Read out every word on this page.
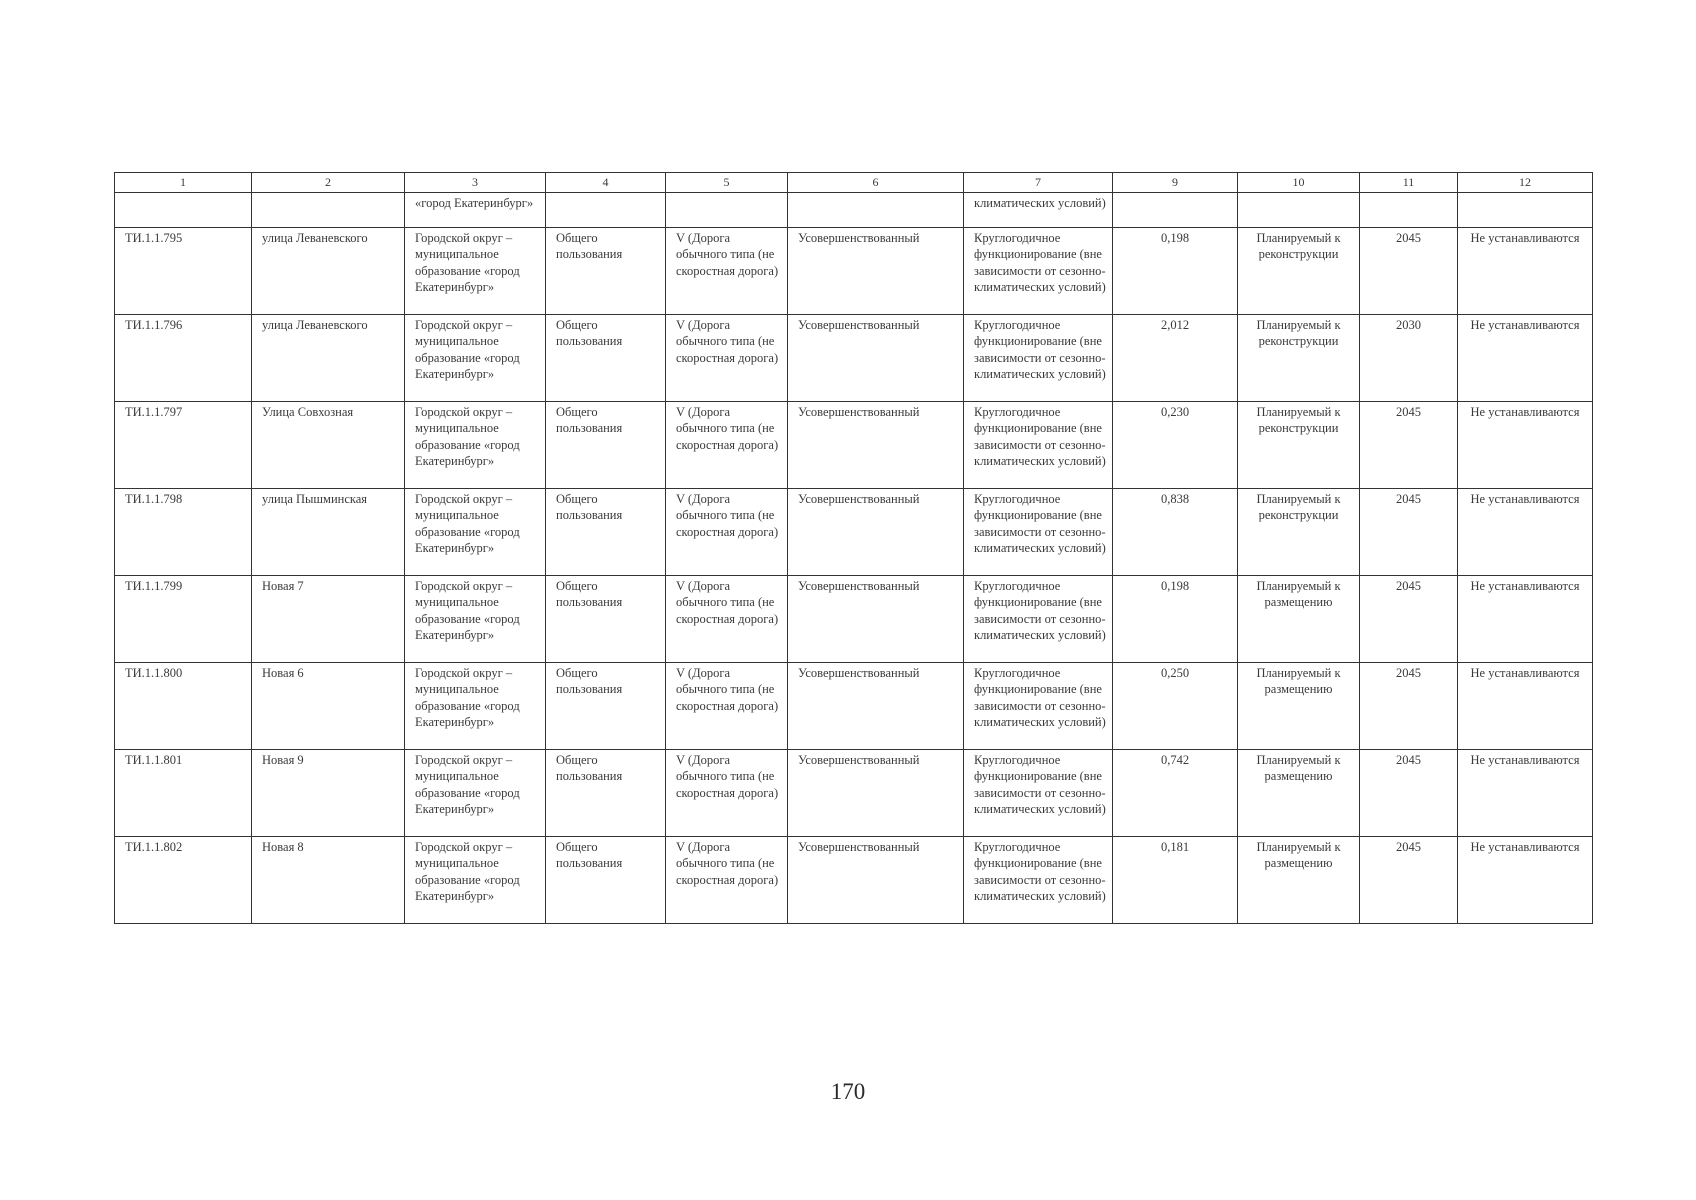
1	2	3	4	5	6	7	9	10	11	12
		«город Екатеринбург»				климатических условий)				
ТИ.1.1.795	улица Леваневского	Городской округ – муниципальное образование «город Екатеринбург»	Общего пользования	V (Дорога обычного типа (не скоростная дорога)	Усовершенствованный	Круглогодичное функционирование (вне зависимости от сезонно-климатических условий)	0,198	Планируемый к реконструкции	2045	Не устанавливаются
ТИ.1.1.796	улица Леваневского	Городской округ – муниципальное образование «город Екатеринбург»	Общего пользования	V (Дорога обычного типа (не скоростная дорога)	Усовершенствованный	Круглогодичное функционирование (вне зависимости от сезонно-климатических условий)	2,012	Планируемый к реконструкции	2030	Не устанавливаются
ТИ.1.1.797	Улица Совхозная	Городской округ – муниципальное образование «город Екатеринбург»	Общего пользования	V (Дорога обычного типа (не скоростная дорога)	Усовершенствованный	Круглогодичное функционирование (вне зависимости от сезонно-климатических условий)	0,230	Планируемый к реконструкции	2045	Не устанавливаются
ТИ.1.1.798	улица Пышминская	Городской округ – муниципальное образование «город Екатеринбург»	Общего пользования	V (Дорога обычного типа (не скоростная дорога)	Усовершенствованный	Круглогодичное функционирование (вне зависимости от сезонно-климатических условий)	0,838	Планируемый к реконструкции	2045	Не устанавливаются
ТИ.1.1.799	Новая 7	Городской округ – муниципальное образование «город Екатеринбург»	Общего пользования	V (Дорога обычного типа (не скоростная дорога)	Усовершенствованный	Круглогодичное функционирование (вне зависимости от сезонно-климатических условий)	0,198	Планируемый к размещению	2045	Не устанавливаются
ТИ.1.1.800	Новая 6	Городской округ – муниципальное образование «город Екатеринбург»	Общего пользования	V (Дорога обычного типа (не скоростная дорога)	Усовершенствованный	Круглогодичное функционирование (вне зависимости от сезонно-климатических условий)	0,250	Планируемый к размещению	2045	Не устанавливаются
ТИ.1.1.801	Новая 9	Городской округ – муниципальное образование «город Екатеринбург»	Общего пользования	V (Дорога обычного типа (не скоростная дорога)	Усовершенствованный	Круглогодичное функционирование (вне зависимости от сезонно-климатических условий)	0,742	Планируемый к размещению	2045	Не устанавливаются
ТИ.1.1.802	Новая 8	Городской округ – муниципальное образование «город Екатеринбург»	Общего пользования	V (Дорога обычного типа (не скоростная дорога)	Усовершенствованный	Круглогодичное функционирование (вне зависимости от сезонно-климатических условий)	0,181	Планируемый к размещению	2045	Не устанавливаются
170
